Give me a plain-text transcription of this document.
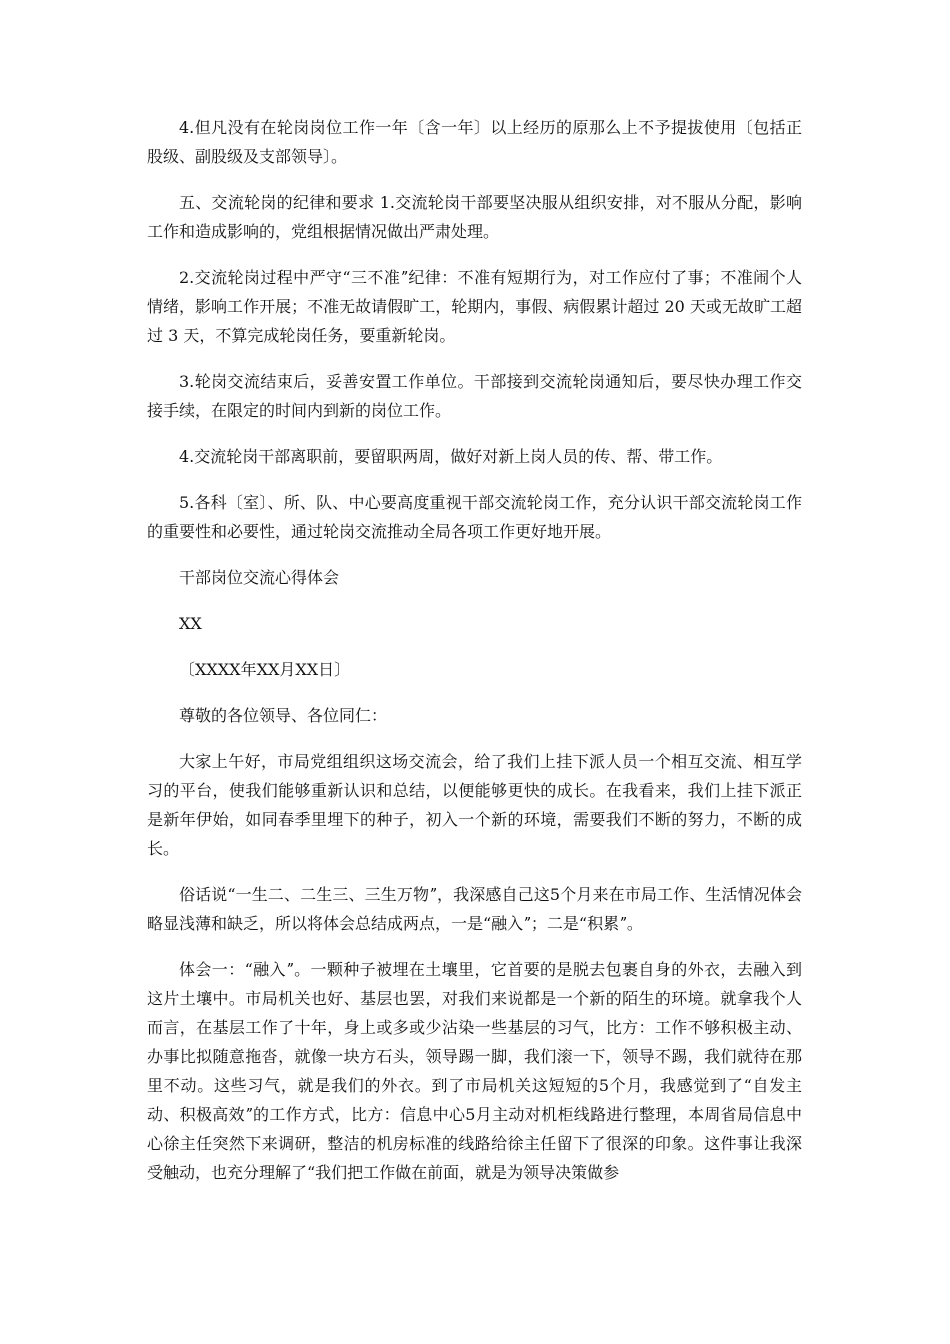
4.但凡没有在轮岗岗位工作一年〔含一年〕以上经历的原那么上不予提拔使用〔包括正股级、副股级及支部领导〕。

五、交流轮岗的纪律和要求 1.交流轮岗干部要坚决服从组织安排，对不服从分配，影响工作和造成影响的，党组根据情况做出严肃处理。

2.交流轮岗过程中严守“三不准ˮ纪律：不准有短期行为，对工作应付了事；不准闹个人情绪，影响工作开展；不准无故请假旷工，轮期内，事假、病假累计超过 20 天或无故旷工超过 3 天，不算完成轮岗任务，要重新轮岗。

3.轮岗交流结束后，妥善安置工作单位。干部接到交流轮岗通知后，要尽快办理工作交接手续，在限定的时间内到新的岗位工作。

4.交流轮岗干部离职前，要留职两周，做好对新上岗人员的传、帮、带工作。

5.各科〔室〕、所、队、中心要高度重视干部交流轮岗工作，充分认识干部交流轮岗工作的重要性和必要性，通过轮岗交流推动全局各项工作更好地开展。

干部岗位交流心得体会

XX

〔XXXX年XX月XX日〕

尊敬的各位领导、各位同仁：

大家上午好，市局党组组织这场交流会，给了我们上挂下派人员一个相互交流、相互学习的平台，使我们能够重新认识和总结，以便能够更快的成长。在我看来，我们上挂下派正是新年伊始，如同春季里埋下的种子，初入一个新的环境，需要我们不断的努力，不断的成长。

俗话说“一生二、二生三、三生万物ˮ，我深感自己这5个月来在市局工作、生活情况体会略显浅薄和缺乏，所以将体会总结成两点，一是“融入ˮ；二是“积累ˮ。

体会一：“融入ˮ。一颗种子被埋在土壤里，它首要的是脱去包裹自身的外衣，去融入到这片土壤中。市局机关也好、基层也罢，对我们来说都是一个新的陌生的环境。就拿我个人而言，在基层工作了十年，身上或多或少沾染一些基层的习气，比方：工作不够积极主动、办事比拟随意拖沓，就像一块方石头，领导踢一脚，我们滚一下，领导不踢，我们就待在那里不动。这些习气，就是我们的外衣。到了市局机关这短短的5个月，我感觉到了“自发主动、积极高效ˮ的工作方式，比方：信息中心5月主动对机柜线路进行整理，本周省局信息中心徐主任突然下来调研，整洁的机房标准的线路给徐主任留下了很深的印象。这件事让我深受触动，也充分理解了“我们把工作做在前面，就是为领导决策做参
